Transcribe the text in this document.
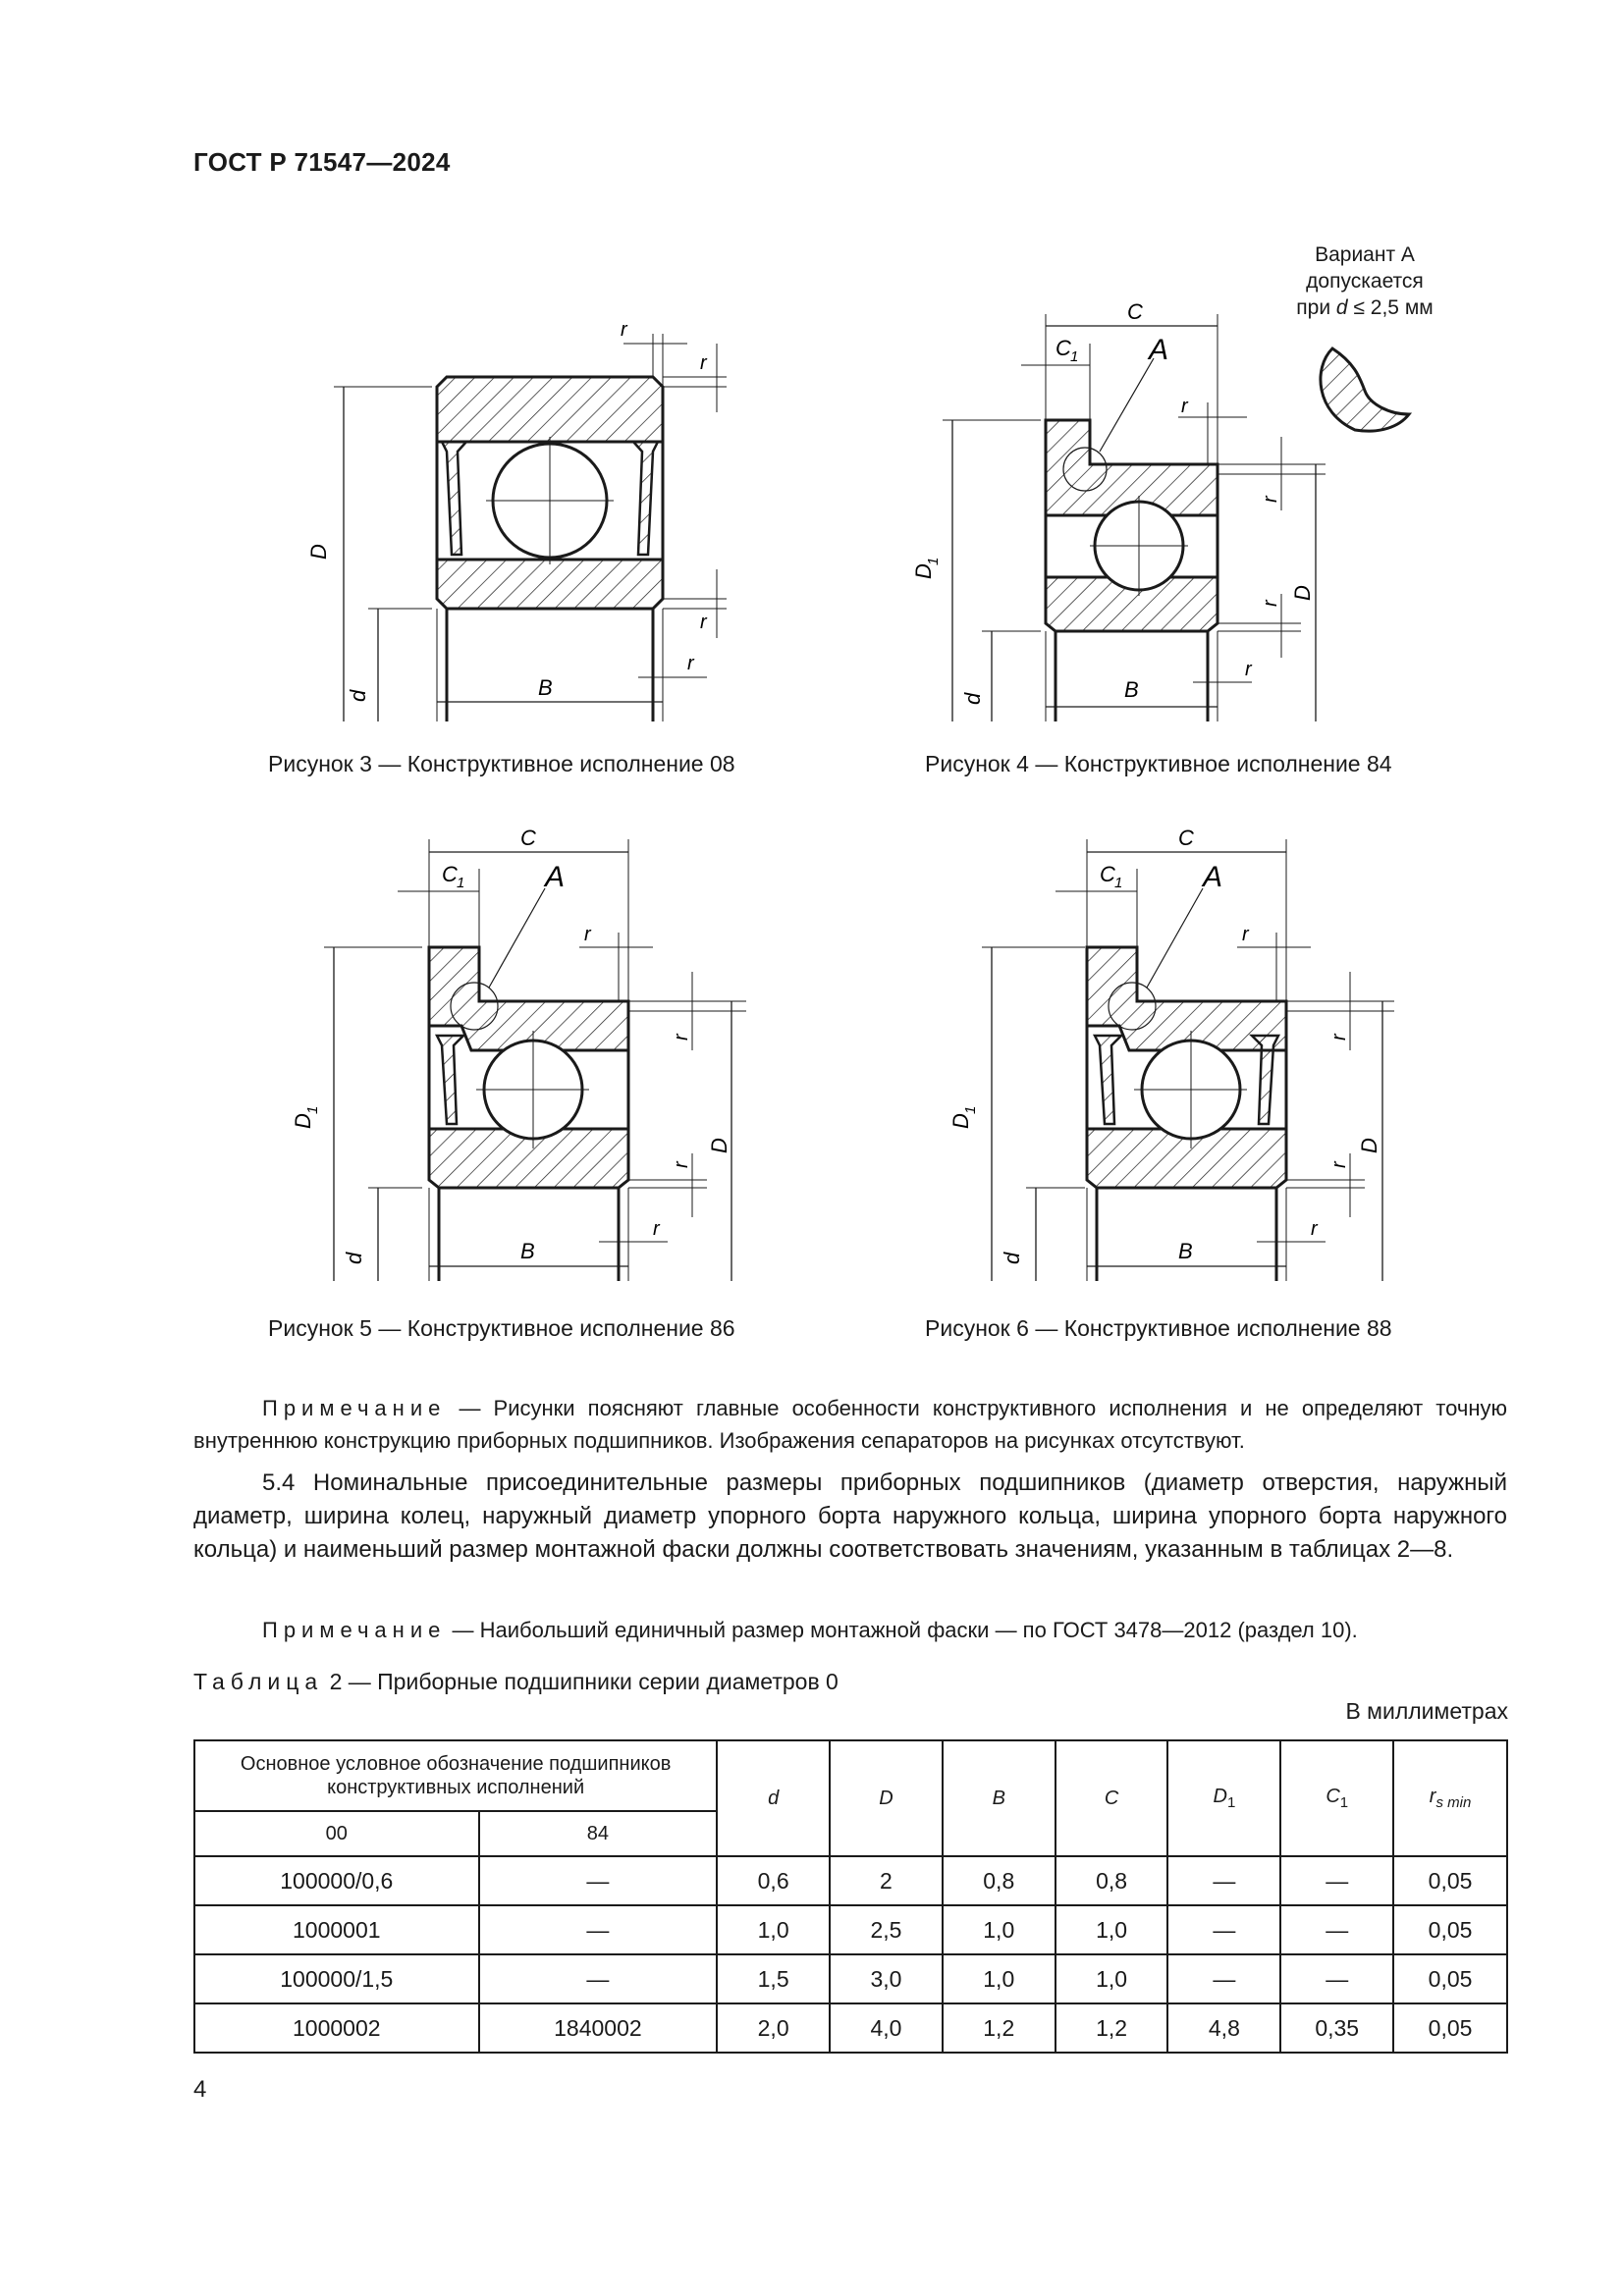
ГОСТ Р 71547—2024
D
d	B
r
r
r
r
Рисунок 3 — Конструктивное исполнение 08
D
1
d	B
C
C 1 A
r
r
r
D
r
Вариант А
допускается
при d ≤ 2,5 мм
Рисунок 4 — Конструктивное исполнение 84
D
1
d	B
C
C 1	A
r
r
r
D
r
Рисунок 5 — Конструктивное исполнение 86
D
1
d	B
C
C 1	A
r
r
r
D
r
Рисунок 6 — Конструктивное исполнение 88
Примечание — Рисунки поясняют главные особенности конструктивного исполнения и не определяют точную внутреннюю конструкцию приборных подшипников. Изображения сепараторов на рисунках отсутствуют.
5.4 Номинальные присоединительные размеры приборных подшипников (диаметр отверстия, наружный диаметр, ширина колец, наружный диаметр упорного борта наружного кольца, ширина упорного борта наружного кольца) и наименьший размер монтажной фаски должны соответствовать значениям, указанным в таблицах 2—8.
Примечание — Наибольший единичный размер монтажной фаски — по ГОСТ 3478—2012 (раздел 10).
Таблица 2 — Приборные подшипники серии диаметров 0
В миллиметрах
Основное условное обозначение подшипников конструктивных исполнений		d	D	B	C	$D_1$	$C_1$	$r_{s min}$
00	84							
100000/0,6	—	0,6	2	0,8	0,8	—	—	0,05
1000001	—	1,0	2,5	1,0	1,0	—	—	0,05
100000/1,5	—	1,5	3,0	1,0	1,0	—	—	0,05
1000002	1840002	2,0	4,0	1,2	1,2	4,8	0,35	0,05
4
